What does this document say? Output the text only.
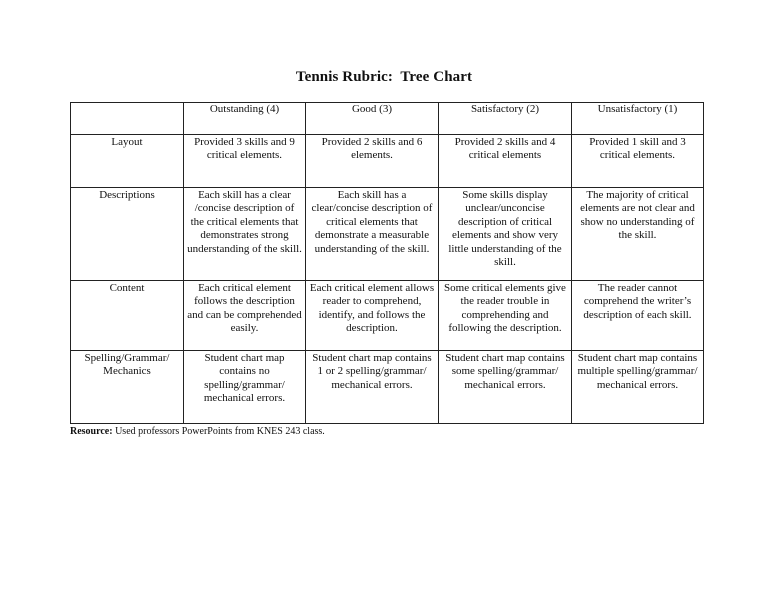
Tennis Rubric:  Tree Chart
	Outstanding (4)	Good (3)	Satisfactory (2)	Unsatisfactory (1)
Layout	Provided 3 skills and 9 critical elements.	Provided 2 skills and 6 elements.	Provided 2 skills and 4 critical elements	Provided 1 skill and 3 critical elements.
Descriptions	Each skill has a clear /concise description of the critical elements that demonstrates strong understanding of the skill.	Each skill has a clear/concise description of critical elements that demonstrate a measurable understanding of the skill.	Some skills display unclear/unconcise description of critical elements and show very little understanding of the skill.	The majority of critical elements are not clear and show no understanding of the skill.
Content	Each critical element follows the description and can be comprehended easily.	Each critical element allows reader to comprehend, identify, and follows the description.	Some critical elements give the reader trouble in comprehending and following the description.	The reader cannot comprehend the writer’s description of each skill.
Spelling/Grammar/ Mechanics	Student chart map contains no spelling/grammar/ mechanical errors.	Student chart map contains 1 or 2 spelling/grammar/ mechanical errors.	Student chart map contains some spelling/grammar/ mechanical errors.	Student chart map contains multiple spelling/grammar/ mechanical errors.
Resource: Used professors PowerPoints from KNES 243 class.
